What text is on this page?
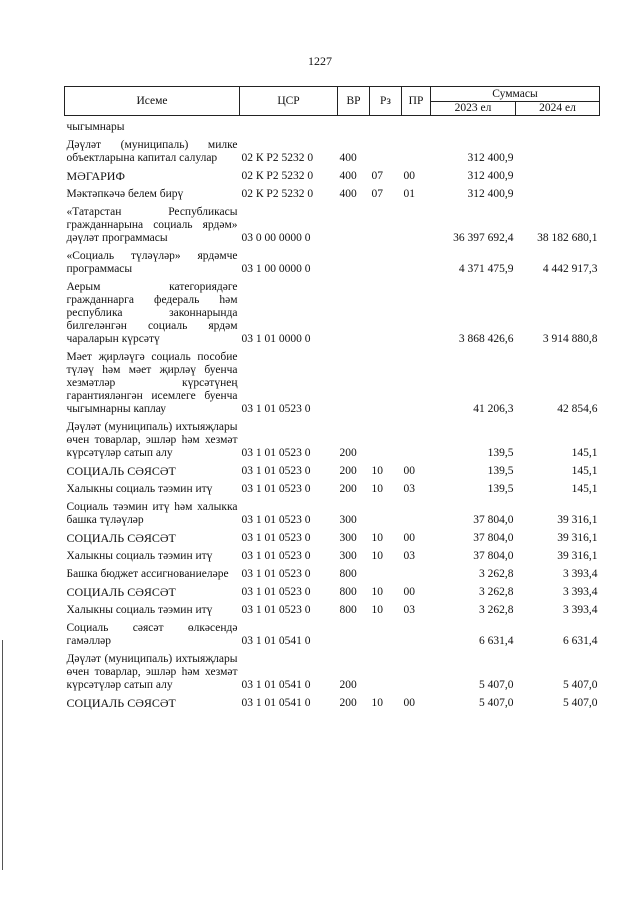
1227
Исеме	ЦСР	ВР	Рз	ПР	Суммасы	
					2023 ел	2024 ел
чыгымнары						
Дәүләт (муниципаль) милке объектларына капитал салулар	02 К Р2 5232 0	400			312 400,9	
МӘГАРИФ	02 К Р2 5232 0	400	07	00	312 400,9	
Мәктәпкәчә белем бирү	02 К Р2 5232 0	400	07	01	312 400,9	
«Татарстан Республикасы гражданнарына социаль ярдәм» дәүләт программасы	03 0 00 0000 0				36 397 692,4	38 182 680,1
«Социаль түләүләр» ярдәмче программасы	03 1 00 0000 0				4 371 475,9	4 442 917,3
Аерым категориядәге гражданнарга федераль һәм республика законнарында билгеләнгән социаль ярдәм чараларын күрсәтү	03 1 01 0000 0				3 868 426,6	3 914 880,8
Мәет җирләүгә социаль пособие түләү һәм мәет җирләү буенча хезмәтләр күрсәтүнең гарантияләнгән исемлеге буенча чыгымнарны каплау	03 1 01 0523 0				41 206,3	42 854,6
Дәүләт (муниципаль) ихтыяҗлары өчен товарлар, эшләр һәм хезмәт күрсәтүләр сатып алу	03 1 01 0523 0	200			139,5	145,1
СОЦИАЛЬ СӘЯСӘТ	03 1 01 0523 0	200	10	00	139,5	145,1
Халыкны социаль тәэмин итү	03 1 01 0523 0	200	10	03	139,5	145,1
Социаль тәэмин итү һәм халыкка башка түләүләр	03 1 01 0523 0	300			37 804,0	39 316,1
СОЦИАЛЬ СӘЯСӘТ	03 1 01 0523 0	300	10	00	37 804,0	39 316,1
Халыкны социаль тәэмин итү	03 1 01 0523 0	300	10	03	37 804,0	39 316,1
Башка бюджет ассигнованиеләре	03 1 01 0523 0	800			3 262,8	3 393,4
СОЦИАЛЬ СӘЯСӘТ	03 1 01 0523 0	800	10	00	3 262,8	3 393,4
Халыкны социаль тәэмин итү	03 1 01 0523 0	800	10	03	3 262,8	3 393,4
Социаль сәясәт өлкәсендә гамәлләр	03 1 01 0541 0				6 631,4	6 631,4
Дәүләт (муниципаль) ихтыяҗлары өчен товарлар, эшләр һәм хезмәт күрсәтүләр сатып алу	03 1 01 0541 0	200			5 407,0	5 407,0
СОЦИАЛЬ СӘЯСӘТ	03 1 01 0541 0	200	10	00	5 407,0	5 407,0
